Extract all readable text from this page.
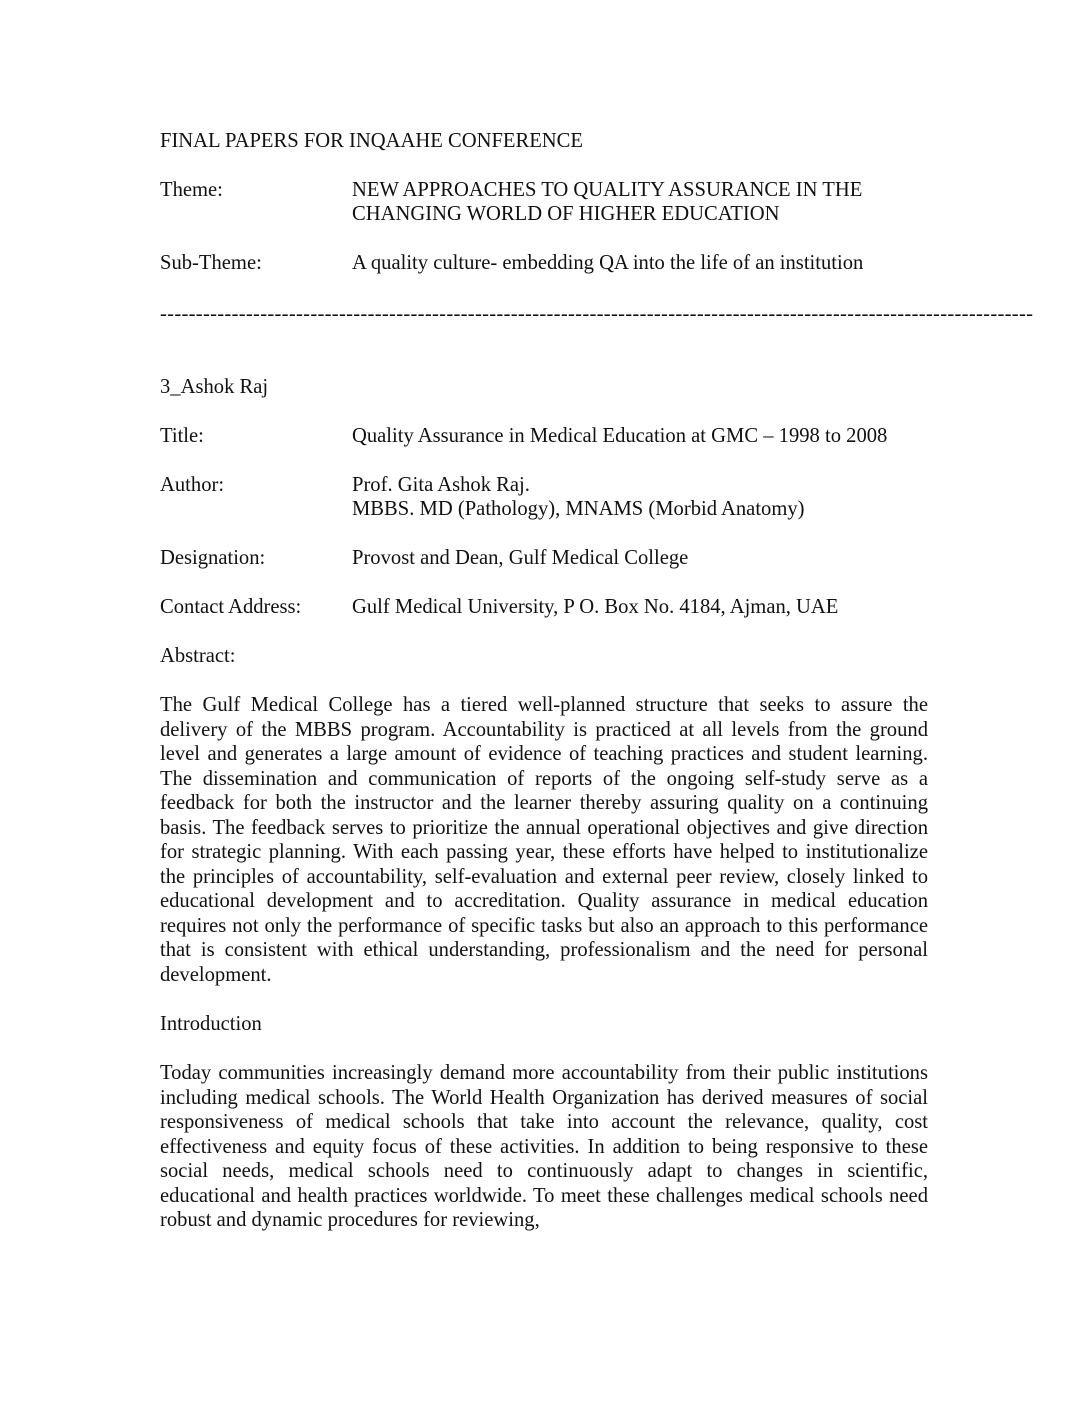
FINAL PAPERS FOR INQAAHE CONFERENCE
Theme:	NEW APPROACHES TO QUALITY ASSURANCE IN THE
CHANGING WORLD OF HIGHER EDUCATION
Sub-Theme:	A quality culture- embedding QA into the life of an institution
--------------------------------------------------------------------------------------------------------------------------
3_Ashok Raj
Title:	Quality Assurance in Medical Education at GMC – 1998 to 2008
Author:	Prof. Gita Ashok Raj.
MBBS. MD (Pathology), MNAMS (Morbid Anatomy)
Designation:	Provost and Dean, Gulf Medical College
Contact Address: Gulf Medical University, P O. Box No. 4184, Ajman, UAE
Abstract:

The Gulf Medical College has a tiered well-planned structure that seeks to assure the delivery of the MBBS program. Accountability is practiced at all levels from the ground level and generates a large amount of evidence of teaching practices and student learning. The dissemination and communication of reports of the ongoing self-study serve as a feedback for both the instructor and the learner thereby assuring quality on a continuing basis. The feedback serves to prioritize the annual operational objectives and give direction for strategic planning. With each passing year, these efforts have helped to institutionalize the principles of accountability, self-evaluation and external peer review, closely linked to educational development and to accreditation. Quality assurance in medical education requires not only the performance of specific tasks but also an approach to this performance that is consistent with ethical understanding, professionalism and the need for personal development.

Introduction

Today communities increasingly demand more accountability from their public institutions including medical schools. The World Health Organization has derived measures of social responsiveness of medical schools that take into account the relevance, quality, cost effectiveness and equity focus of these activities. In addition to being responsive to these social needs, medical schools need to continuously adapt to changes in scientific, educational and health practices worldwide. To meet these challenges medical schools need robust and dynamic procedures for reviewing,
